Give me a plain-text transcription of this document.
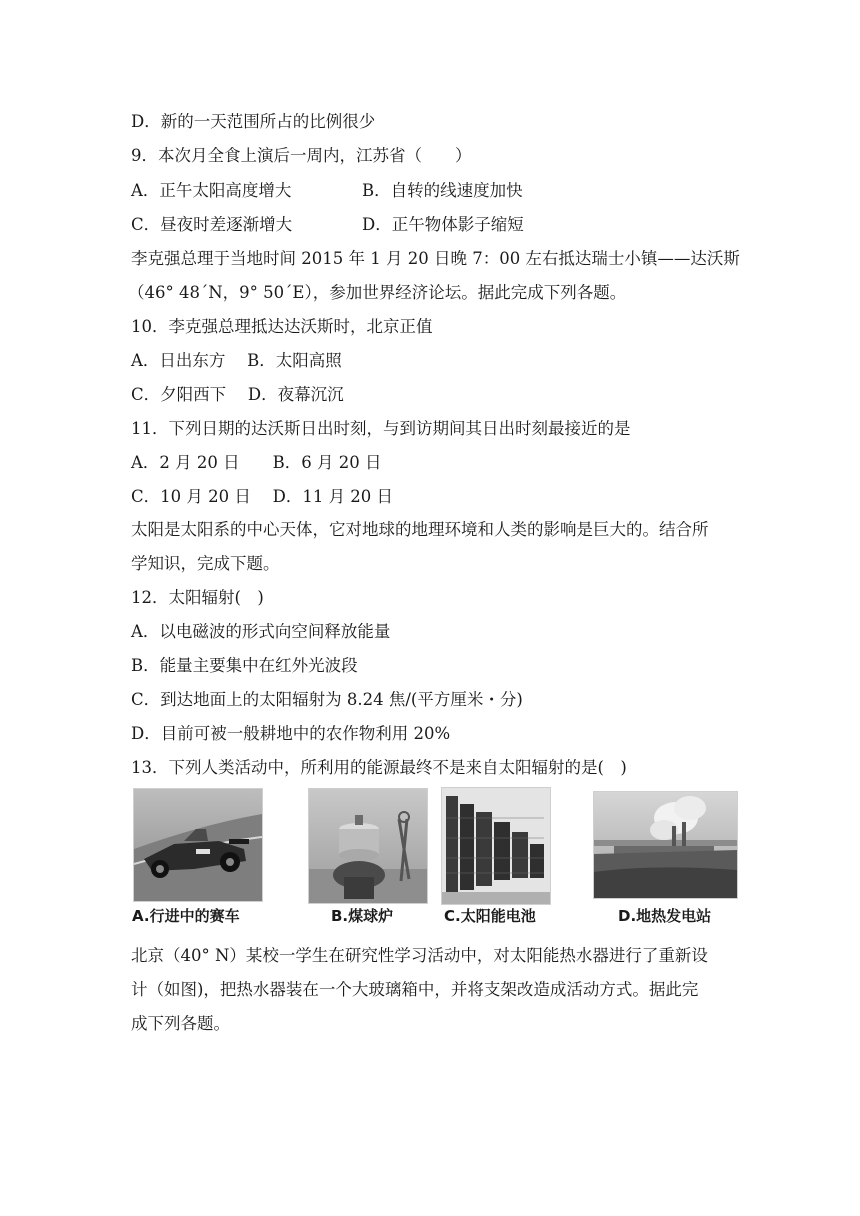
D．新的一天范围所占的比例很少
9．本次月全食上演后一周内，江苏省（　　）
A．正午太阳高度增大	B．自转的线速度加快
C．昼夜时差逐渐增大	D．正午物体影子缩短
李克强总理于当地时间 2015 年 1 月 20 日晚 7：00 左右抵达瑞士小镇——达沃斯
（46° 48´N，9° 50´E），参加世界经济论坛。据此完成下列各题。
10．李克强总理抵达达沃斯时，北京正值
A．日出东方　 B．太阳高照
C．夕阳西下　 D．夜幕沉沉
11．下列日期的达沃斯日出时刻，与到访期间其日出时刻最接近的是
A．2 月 20 日　　B．6 月 20 日
C．10 月 20 日　 D．11 月 20 日
太阳是太阳系的中心天体，它对地球的地理环境和人类的影响是巨大的。结合所
学知识，完成下题。
12．太阳辐射(　)
A．以电磁波的形式向空间释放能量
B．能量主要集中在红外光波段
C．到达地面上的太阳辐射为 8.24 焦/(平方厘米・分)
D．目前可被一般耕地中的农作物利用 20%
13．下列人类活动中，所利用的能源最终不是来自太阳辐射的是(　)
A.行进中的赛车	B.煤球炉	C.太阳能电池	D.地热发电站
北京（40° N）某校一学生在研究性学习活动中，对太阳能热水器进行了重新设
计（如图)，把热水器装在一个大玻璃箱中，并将支架改造成活动方式。据此完
成下列各题。
